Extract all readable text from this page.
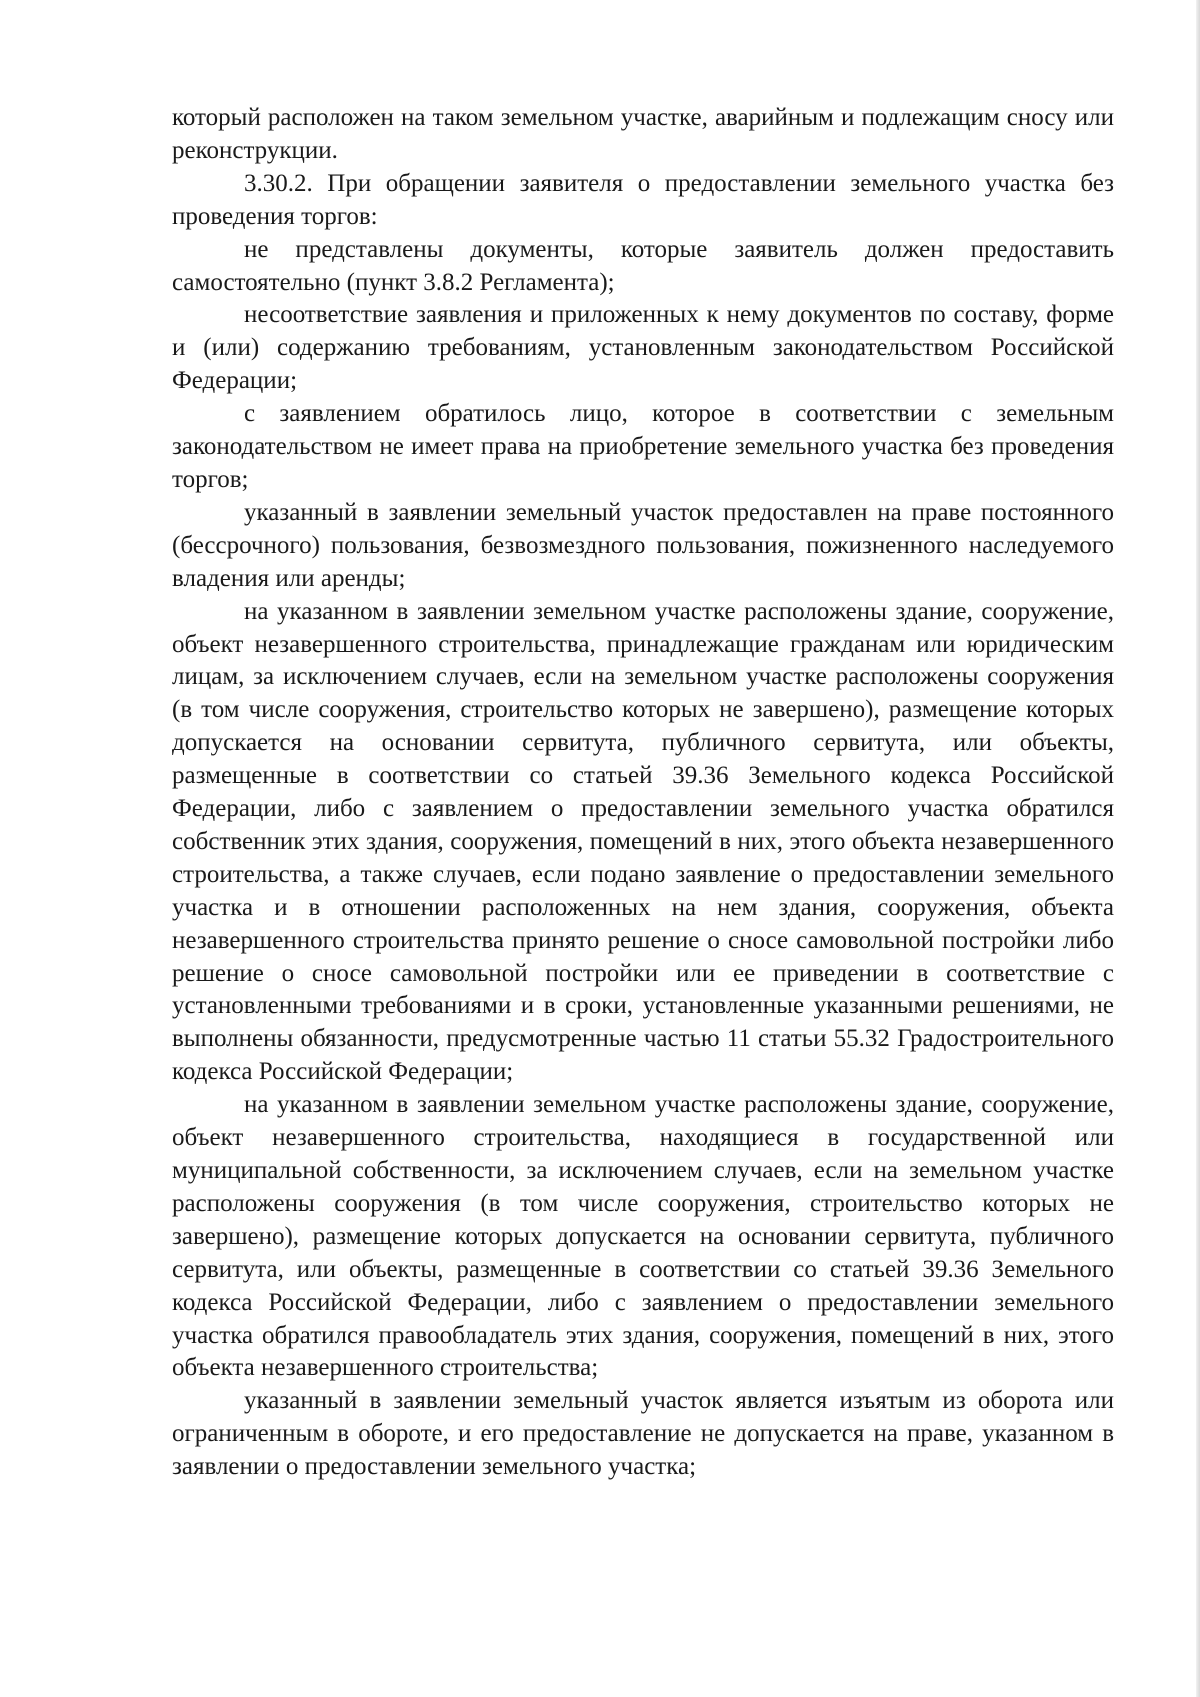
который расположен на таком земельном участке, аварийным и подлежащим сносу или реконструкции.

3.30.2. При обращении заявителя о предоставлении земельного участка без проведения торгов:

не представлены документы, которые заявитель должен предоставить самостоятельно (пункт 3.8.2 Регламента);

несоответствие заявления и приложенных к нему документов по составу, форме и (или) содержанию требованиям, установленным законодательством Российской Федерации;

с заявлением обратилось лицо, которое в соответствии с земельным законодательством не имеет права на приобретение земельного участка без проведения торгов;

указанный в заявлении земельный участок предоставлен на праве постоянного (бессрочного) пользования, безвозмездного пользования, пожизненного наследуемого владения или аренды;

на указанном в заявлении земельном участке расположены здание, сооружение, объект незавершенного строительства, принадлежащие гражданам или юридическим лицам, за исключением случаев, если на земельном участке расположены сооружения (в том числе сооружения, строительство которых не завершено), размещение которых допускается на основании сервитута, публичного сервитута, или объекты, размещенные в соответствии со статьей 39.36 Земельного кодекса Российской Федерации, либо с заявлением о предоставлении земельного участка обратился собственник этих здания, сооружения, помещений в них, этого объекта незавершенного строительства, а также случаев, если подано заявление о предоставлении земельного участка и в отношении расположенных на нем здания, сооружения, объекта незавершенного строительства принято решение о сносе самовольной постройки либо решение о сносе самовольной постройки или ее приведении в соответствие с установленными требованиями и в сроки, установленные указанными решениями, не выполнены обязанности, предусмотренные частью 11 статьи 55.32 Градостроительного кодекса Российской Федерации;

на указанном в заявлении земельном участке расположены здание, сооружение, объект незавершенного строительства, находящиеся в государственной или муниципальной собственности, за исключением случаев, если на земельном участке расположены сооружения (в том числе сооружения, строительство которых не завершено), размещение которых допускается на основании сервитута, публичного сервитута, или объекты, размещенные в соответствии со статьей 39.36 Земельного кодекса Российской Федерации, либо с заявлением о предоставлении земельного участка обратился правообладатель этих здания, сооружения, помещений в них, этого объекта незавершенного строительства;

указанный в заявлении земельный участок является изъятым из оборота или ограниченным в обороте, и его предоставление не допускается на праве, указанном в заявлении о предоставлении земельного участка;
